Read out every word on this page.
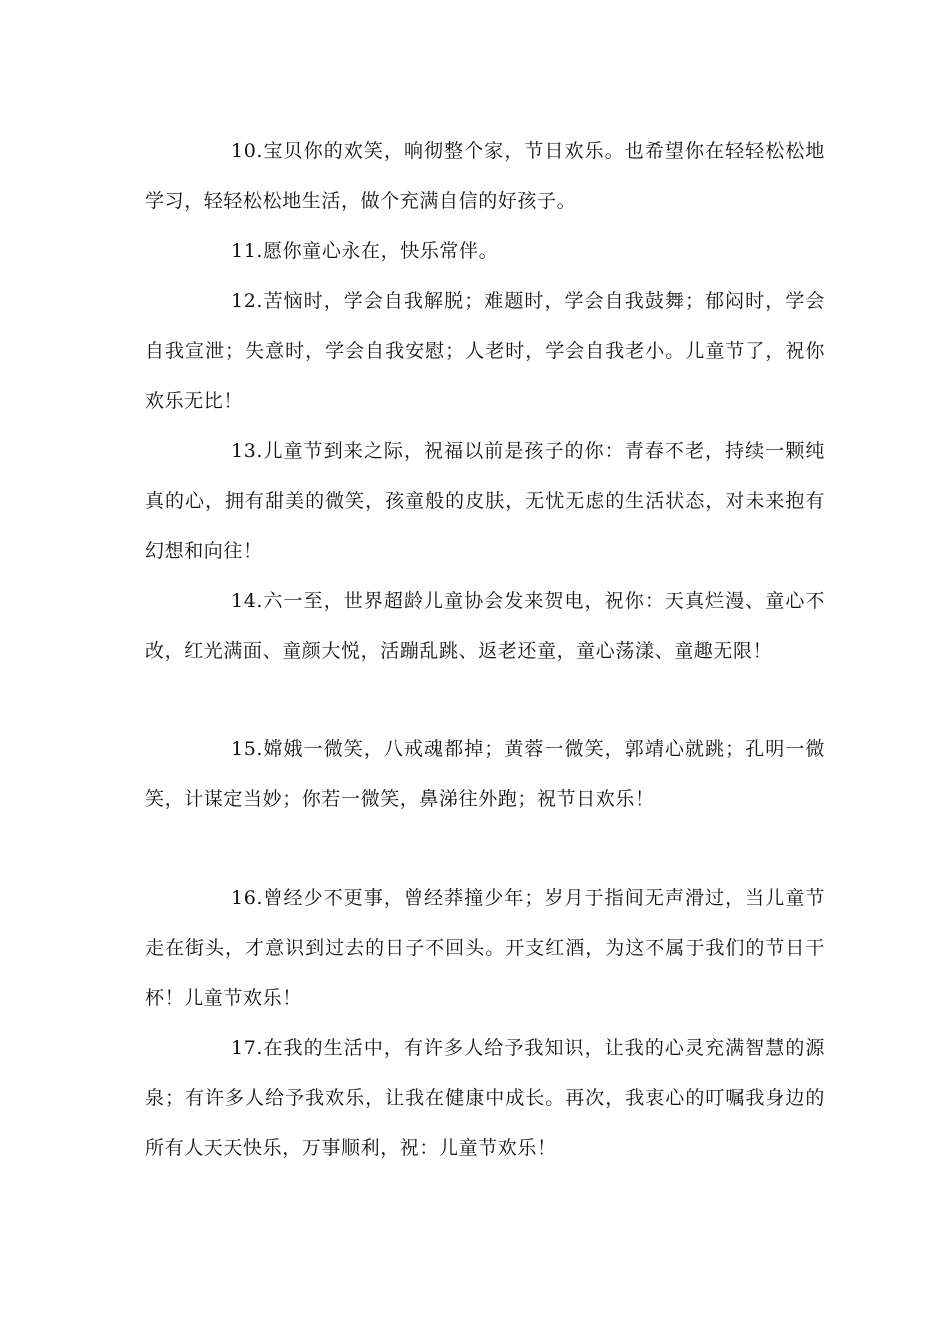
10.宝贝你的欢笑，响彻整个家，节日欢乐。也希望你在轻轻松松地学习，轻轻松松地生活，做个充满自信的好孩子。

11.愿你童心永在，快乐常伴。

12.苦恼时，学会自我解脱；难题时，学会自我鼓舞；郁闷时，学会自我宣泄；失意时，学会自我安慰；人老时，学会自我老小。儿童节了，祝你欢乐无比！

13.儿童节到来之际，祝福以前是孩子的你：青春不老，持续一颗纯真的心，拥有甜美的微笑，孩童般的皮肤，无忧无虑的生活状态，对未来抱有幻想和向往！

14.六一至，世界超龄儿童协会发来贺电，祝你：天真烂漫、童心不改，红光满面、童颜大悦，活蹦乱跳、返老还童，童心荡漾、童趣无限！

15.嫦娥一微笑，八戒魂都掉；黄蓉一微笑，郭靖心就跳；孔明一微笑，计谋定当妙；你若一微笑，鼻涕往外跑；祝节日欢乐！

16.曾经少不更事，曾经莽撞少年；岁月于指间无声滑过，当儿童节走在街头，才意识到过去的日子不回头。开支红酒，为这不属于我们的节日干杯！儿童节欢乐！

17.在我的生活中，有许多人给予我知识，让我的心灵充满智慧的源泉；有许多人给予我欢乐，让我在健康中成长。再次，我衷心的叮嘱我身边的所有人天天快乐，万事顺利，祝：儿童节欢乐！
